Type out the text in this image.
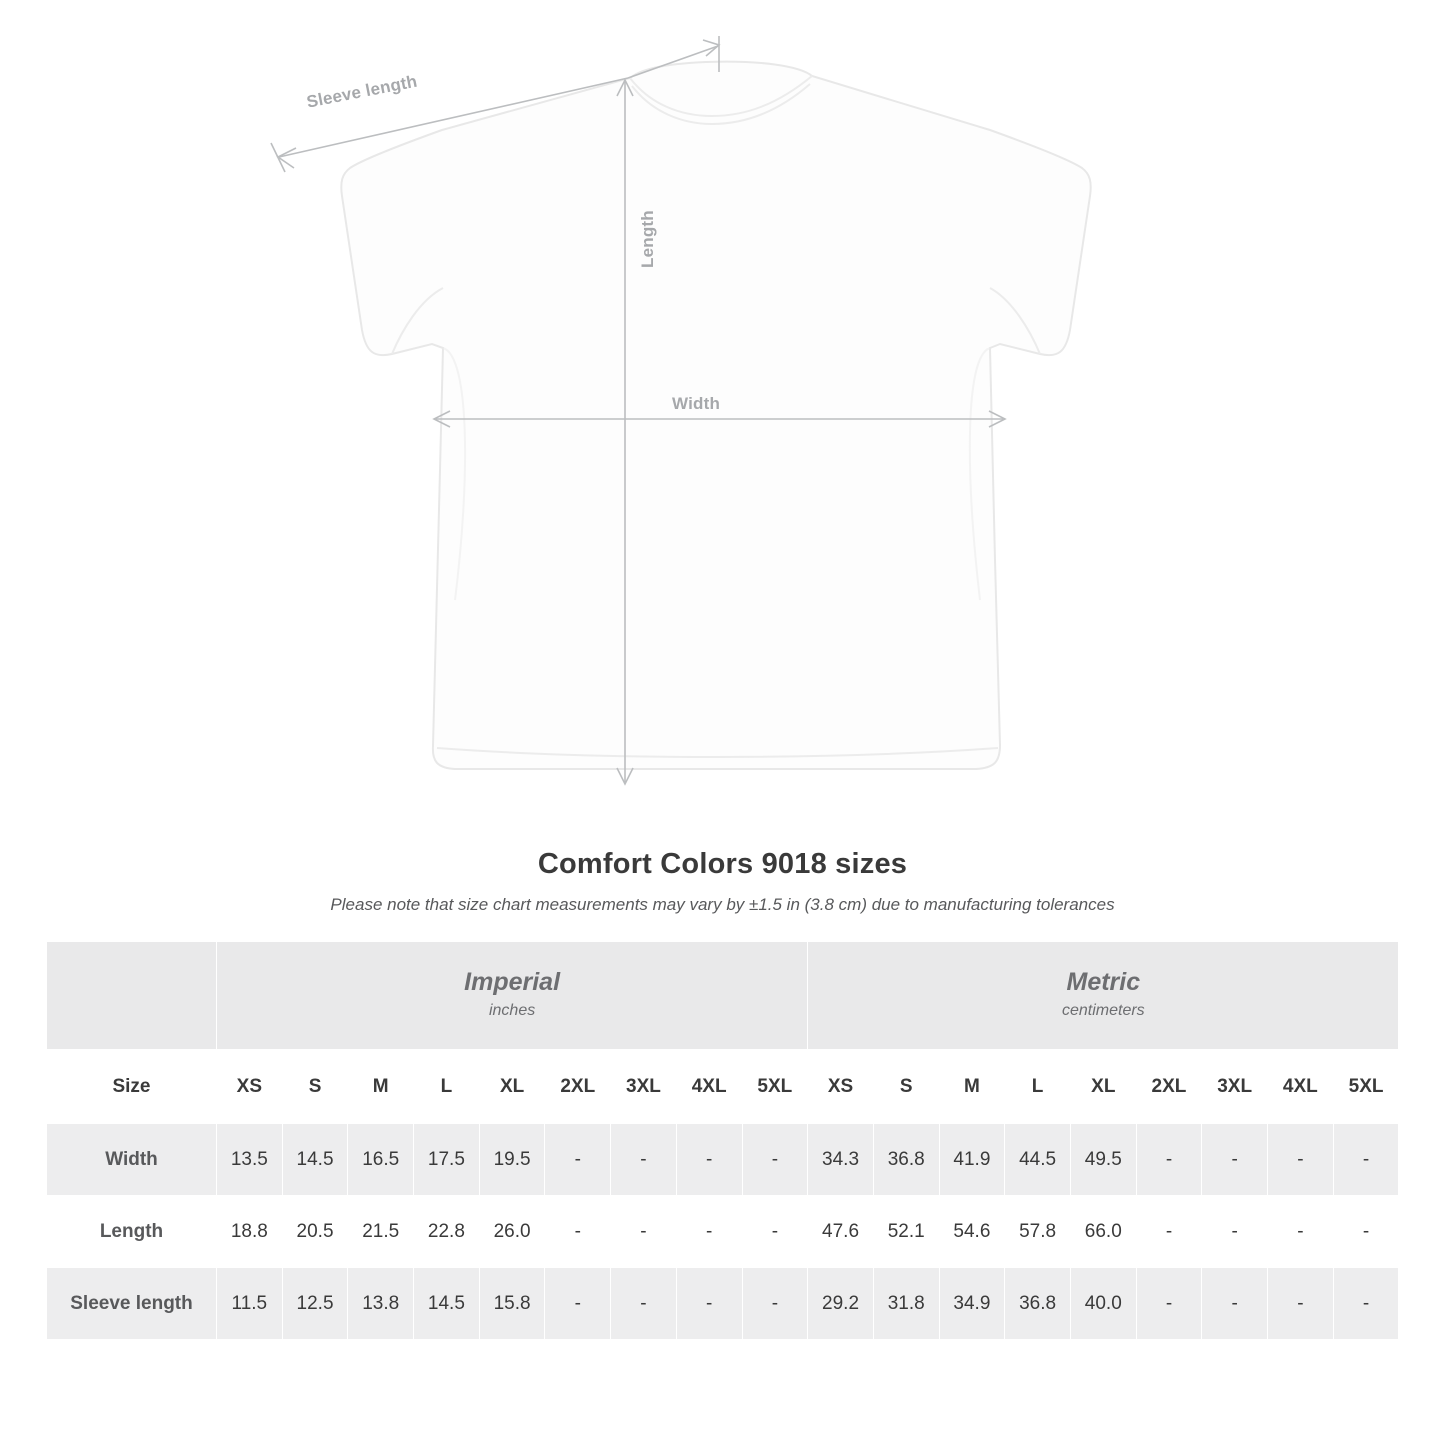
Sleeve length
Length
Width
Comfort Colors 9018 sizes

Please note that size chart measurements may vary by ±1.5 in (3.8 cm) due to manufacturing tolerances

Imperial
inches

Metric
centimeters

Size	XS	S	M	L	XL	2XL	3XL	4XL	5XL	XS	S	M	L	XL	2XL	3XL	4XL	5XL
Width	13.5	14.5	16.5	17.5	19.5	-	-	-	-	34.3	36.8	41.9	44.5	49.5	-	-	-	-
Length	18.8	20.5	21.5	22.8	26.0	-	-	-	-	47.6	52.1	54.6	57.8	66.0	-	-	-	-
Sleeve length	11.5	12.5	13.8	14.5	15.8	-	-	-	-	29.2	31.8	34.9	36.8	40.0	-	-	-	-
